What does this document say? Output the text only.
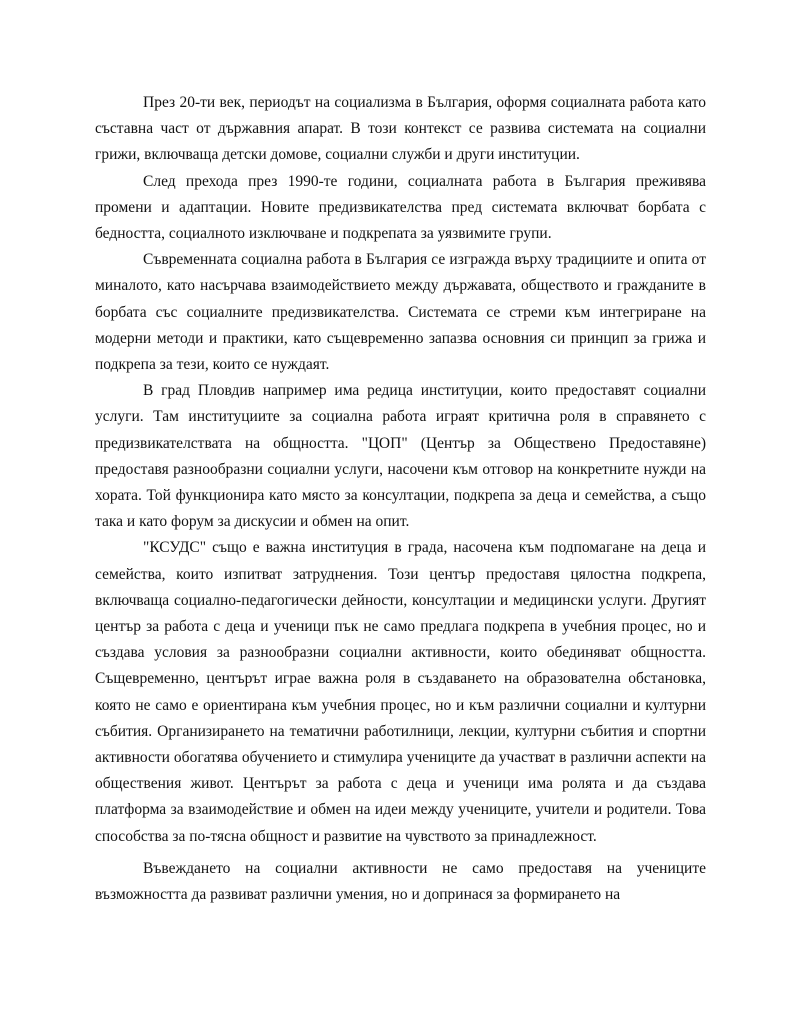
През 20-ти век, периодът на социализма в България, оформя социалната работа като съставна част от държавния апарат. В този контекст се развива системата на социални грижи, включваща детски домове, социални служби и други институции.

След прехода през 1990-те години, социалната работа в България преживява промени и адаптации. Новите предизвикателства пред системата включват борбата с бедността, социалното изключване и подкрепата за уязвимите групи.

Съвременната социална работа в България се изгражда върху традициите и опита от миналото, като насърчава взаимодействието между държавата, обществото и гражданите в борбата със социалните предизвикателства. Системата се стреми към интегриране на модерни методи и практики, като същевременно запазва основния си принцип за грижа и подкрепа за тези, които се нуждаят.

В град Пловдив например има редица институции, които предоставят социални услуги. Там институциите за социална работа играят критична роля в справянето с предизвикателствата на общността. "ЦОП" (Център за Обществено Предоставяне) предоставя разнообразни социални услуги, насочени към отговор на конкретните нужди на хората. Той функционира като място за консултации, подкрепа за деца и семейства, а също така и като форум за дискусии и обмен на опит.

"КСУДС" също е важна институция в града, насочена към подпомагане на деца и семейства, които изпитват затруднения. Този център предоставя цялостна подкрепа, включваща социално-педагогически дейности, консултации и медицински услуги. Другият център за работа с деца и ученици пък не само предлага подкрепа в учебния процес, но и създава условия за разнообразни социални активности, които обединяват общността. Същевременно, центърът играе важна роля в създаването на образователна обстановка, която не само е ориентирана към учебния процес, но и към различни социални и културни събития. Организирането на тематични работилници, лекции, културни събития и спортни активности обогатява обучението и стимулира учениците да участват в различни аспекти на обществения живот. Центърът за работа с деца и ученици има ролята и да създава платформа за взаимодействие и обмен на идеи между учениците, учители и родители. Това способства за по-тясна общност и развитие на чувството за принадлежност.

Въвеждането на социални активности не само предоставя на учениците възможността да развиват различни умения, но и допринася за формирането на
